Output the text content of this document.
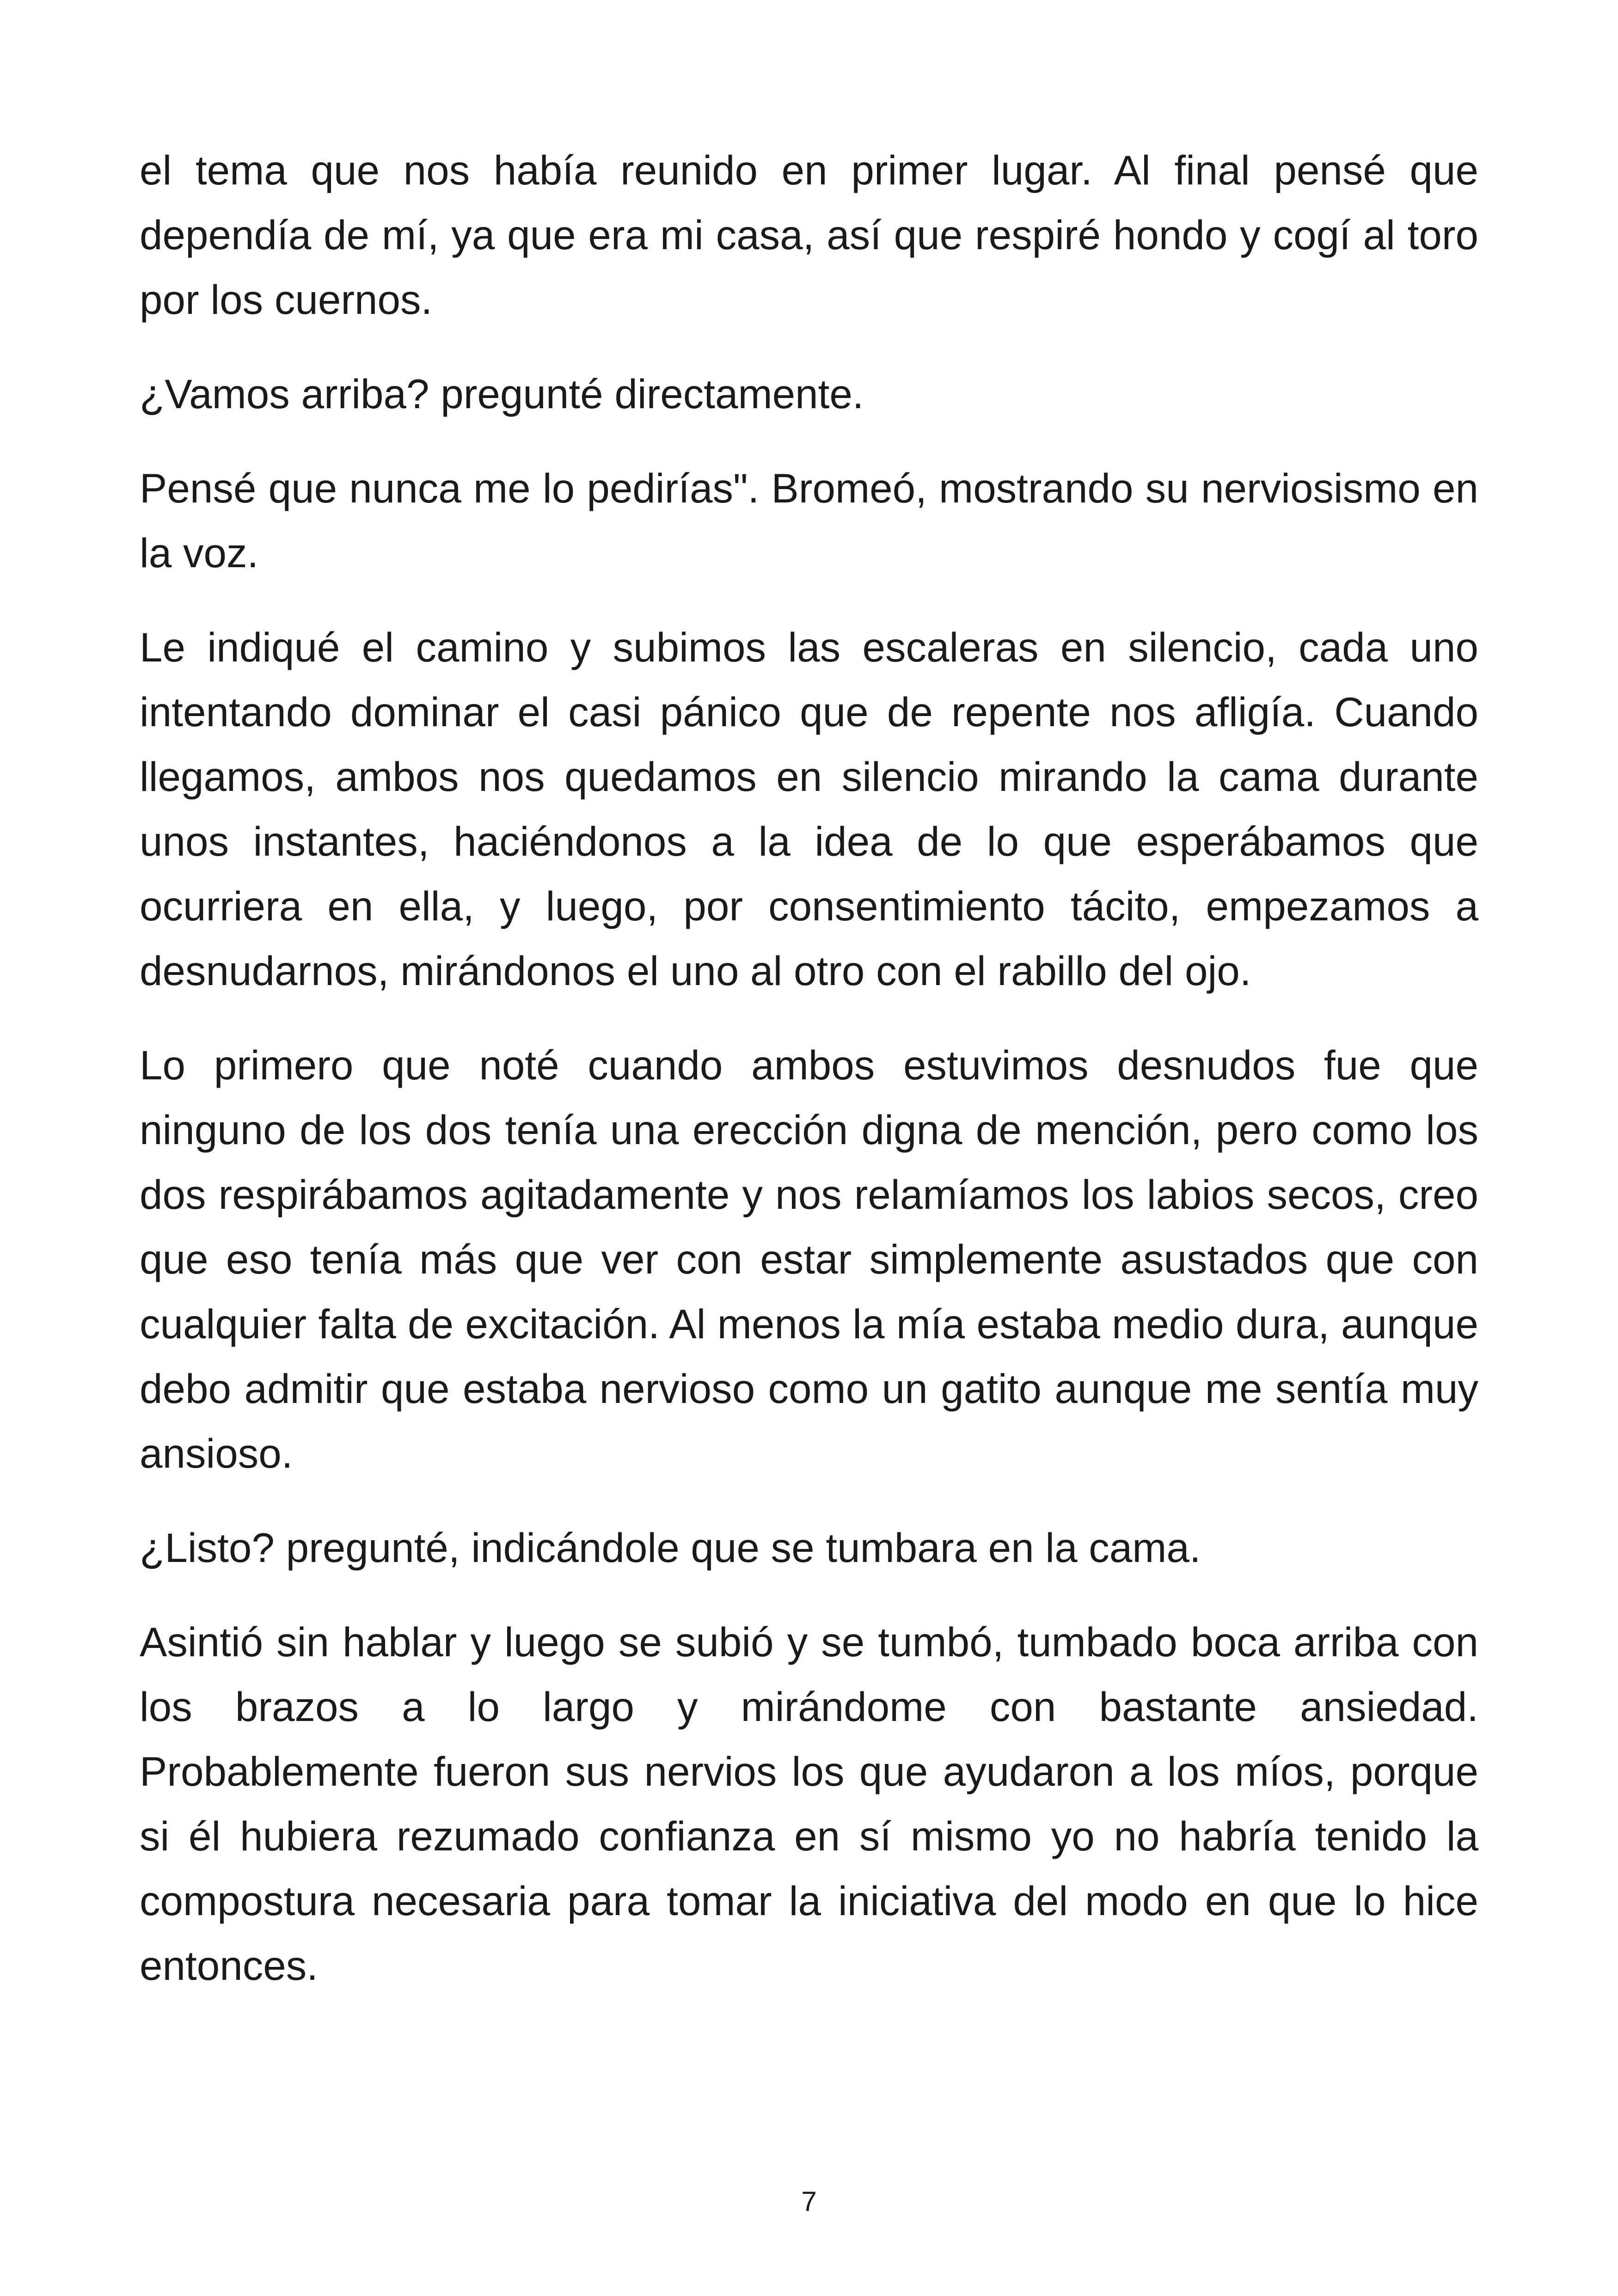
el tema que nos había reunido en primer lugar. Al final pensé que dependía de mí, ya que era mi casa, así que respiré hondo y cogí al toro por los cuernos.

¿Vamos arriba? pregunté directamente.

Pensé que nunca me lo pedirías". Bromeó, mostrando su nerviosismo en la voz.

Le indiqué el camino y subimos las escaleras en silencio, cada uno intentando dominar el casi pánico que de repente nos afligía. Cuando llegamos, ambos nos quedamos en silencio mirando la cama durante unos instantes, haciéndonos a la idea de lo que esperábamos que ocurriera en ella, y luego, por consentimiento tácito, empezamos a desnudarnos, mirándonos el uno al otro con el rabillo del ojo.

Lo primero que noté cuando ambos estuvimos desnudos fue que ninguno de los dos tenía una erección digna de mención, pero como los dos respirábamos agitadamente y nos relamíamos los labios secos, creo que eso tenía más que ver con estar simplemente asustados que con cualquier falta de excitación. Al menos la mía estaba medio dura, aunque debo admitir que estaba nervioso como un gatito aunque me sentía muy ansioso.

¿Listo? pregunté, indicándole que se tumbara en la cama.

Asintió sin hablar y luego se subió y se tumbó, tumbado boca arriba con los brazos a lo largo y mirándome con bastante ansiedad. Probablemente fueron sus nervios los que ayudaron a los míos, porque si él hubiera rezumado confianza en sí mismo yo no habría tenido la compostura necesaria para tomar la iniciativa del modo en que lo hice entonces.

7
